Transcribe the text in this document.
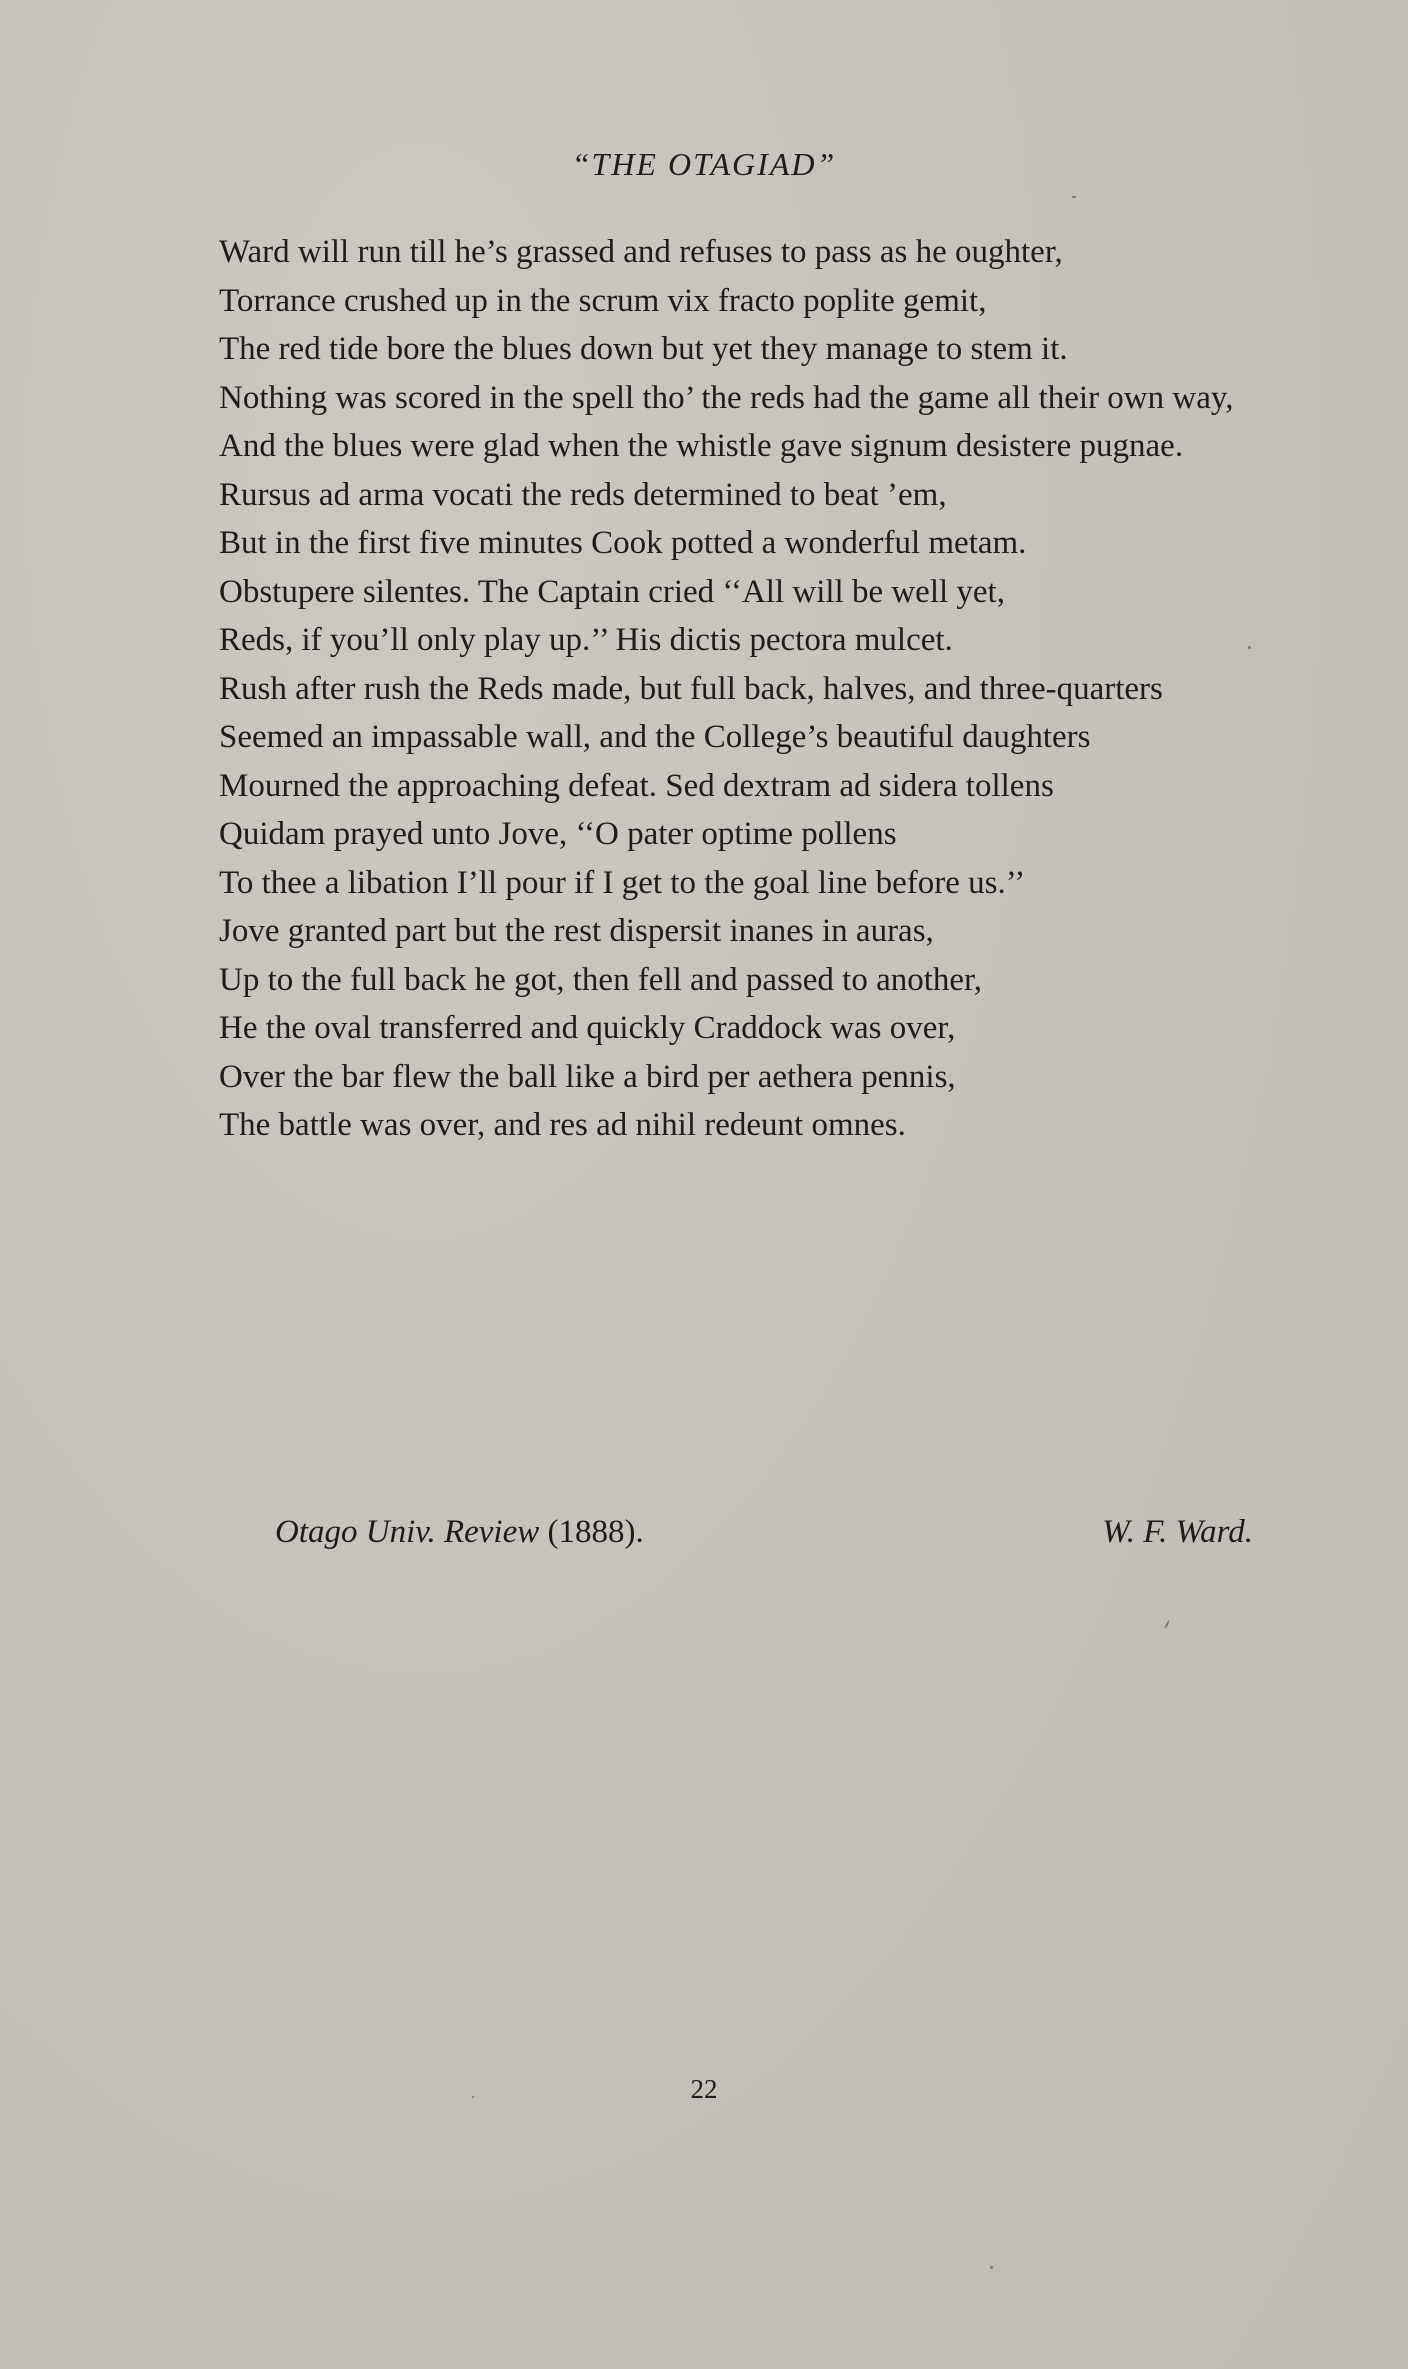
“THE OTAGIAD”

Ward will run till he’s grassed and refuses to pass as he oughter,

Torrance crushed up in the scrum vix fracto poplite gemit,

The red tide bore the blues down but yet they manage to stem it.

Nothing was scored in the spell tho’ the reds had the game all their own way,

And the blues were glad when the whistle gave signum desistere pugnae.

Rursus ad arma vocati the reds determined to beat ’em,

But in the first five minutes Cook potted a wonderful metam.

Obstupere silentes. The Captain cried ‘‘All will be well yet,

Reds, if you’ll only play up.’’ His dictis pectora mulcet.

Rush after rush the Reds made, but full back, halves, and three-quarters

Seemed an impassable wall, and the College’s beautiful daughters

Mourned the approaching defeat. Sed dextram ad sidera tollens

Quidam prayed unto Jove, ‘‘O pater optime pollens

To thee a libation I’ll pour if I get to the goal line before us.’’

Jove granted part but the rest dispersit inanes in auras,

Up to the full back he got, then fell and passed to another,

He the oval transferred and quickly Craddock was over,

Over the bar flew the ball like a bird per aethera pennis,

The battle was over, and res ad nihil redeunt omnes.

Otago Univ. Review (1888).	W. F. Ward.
22
